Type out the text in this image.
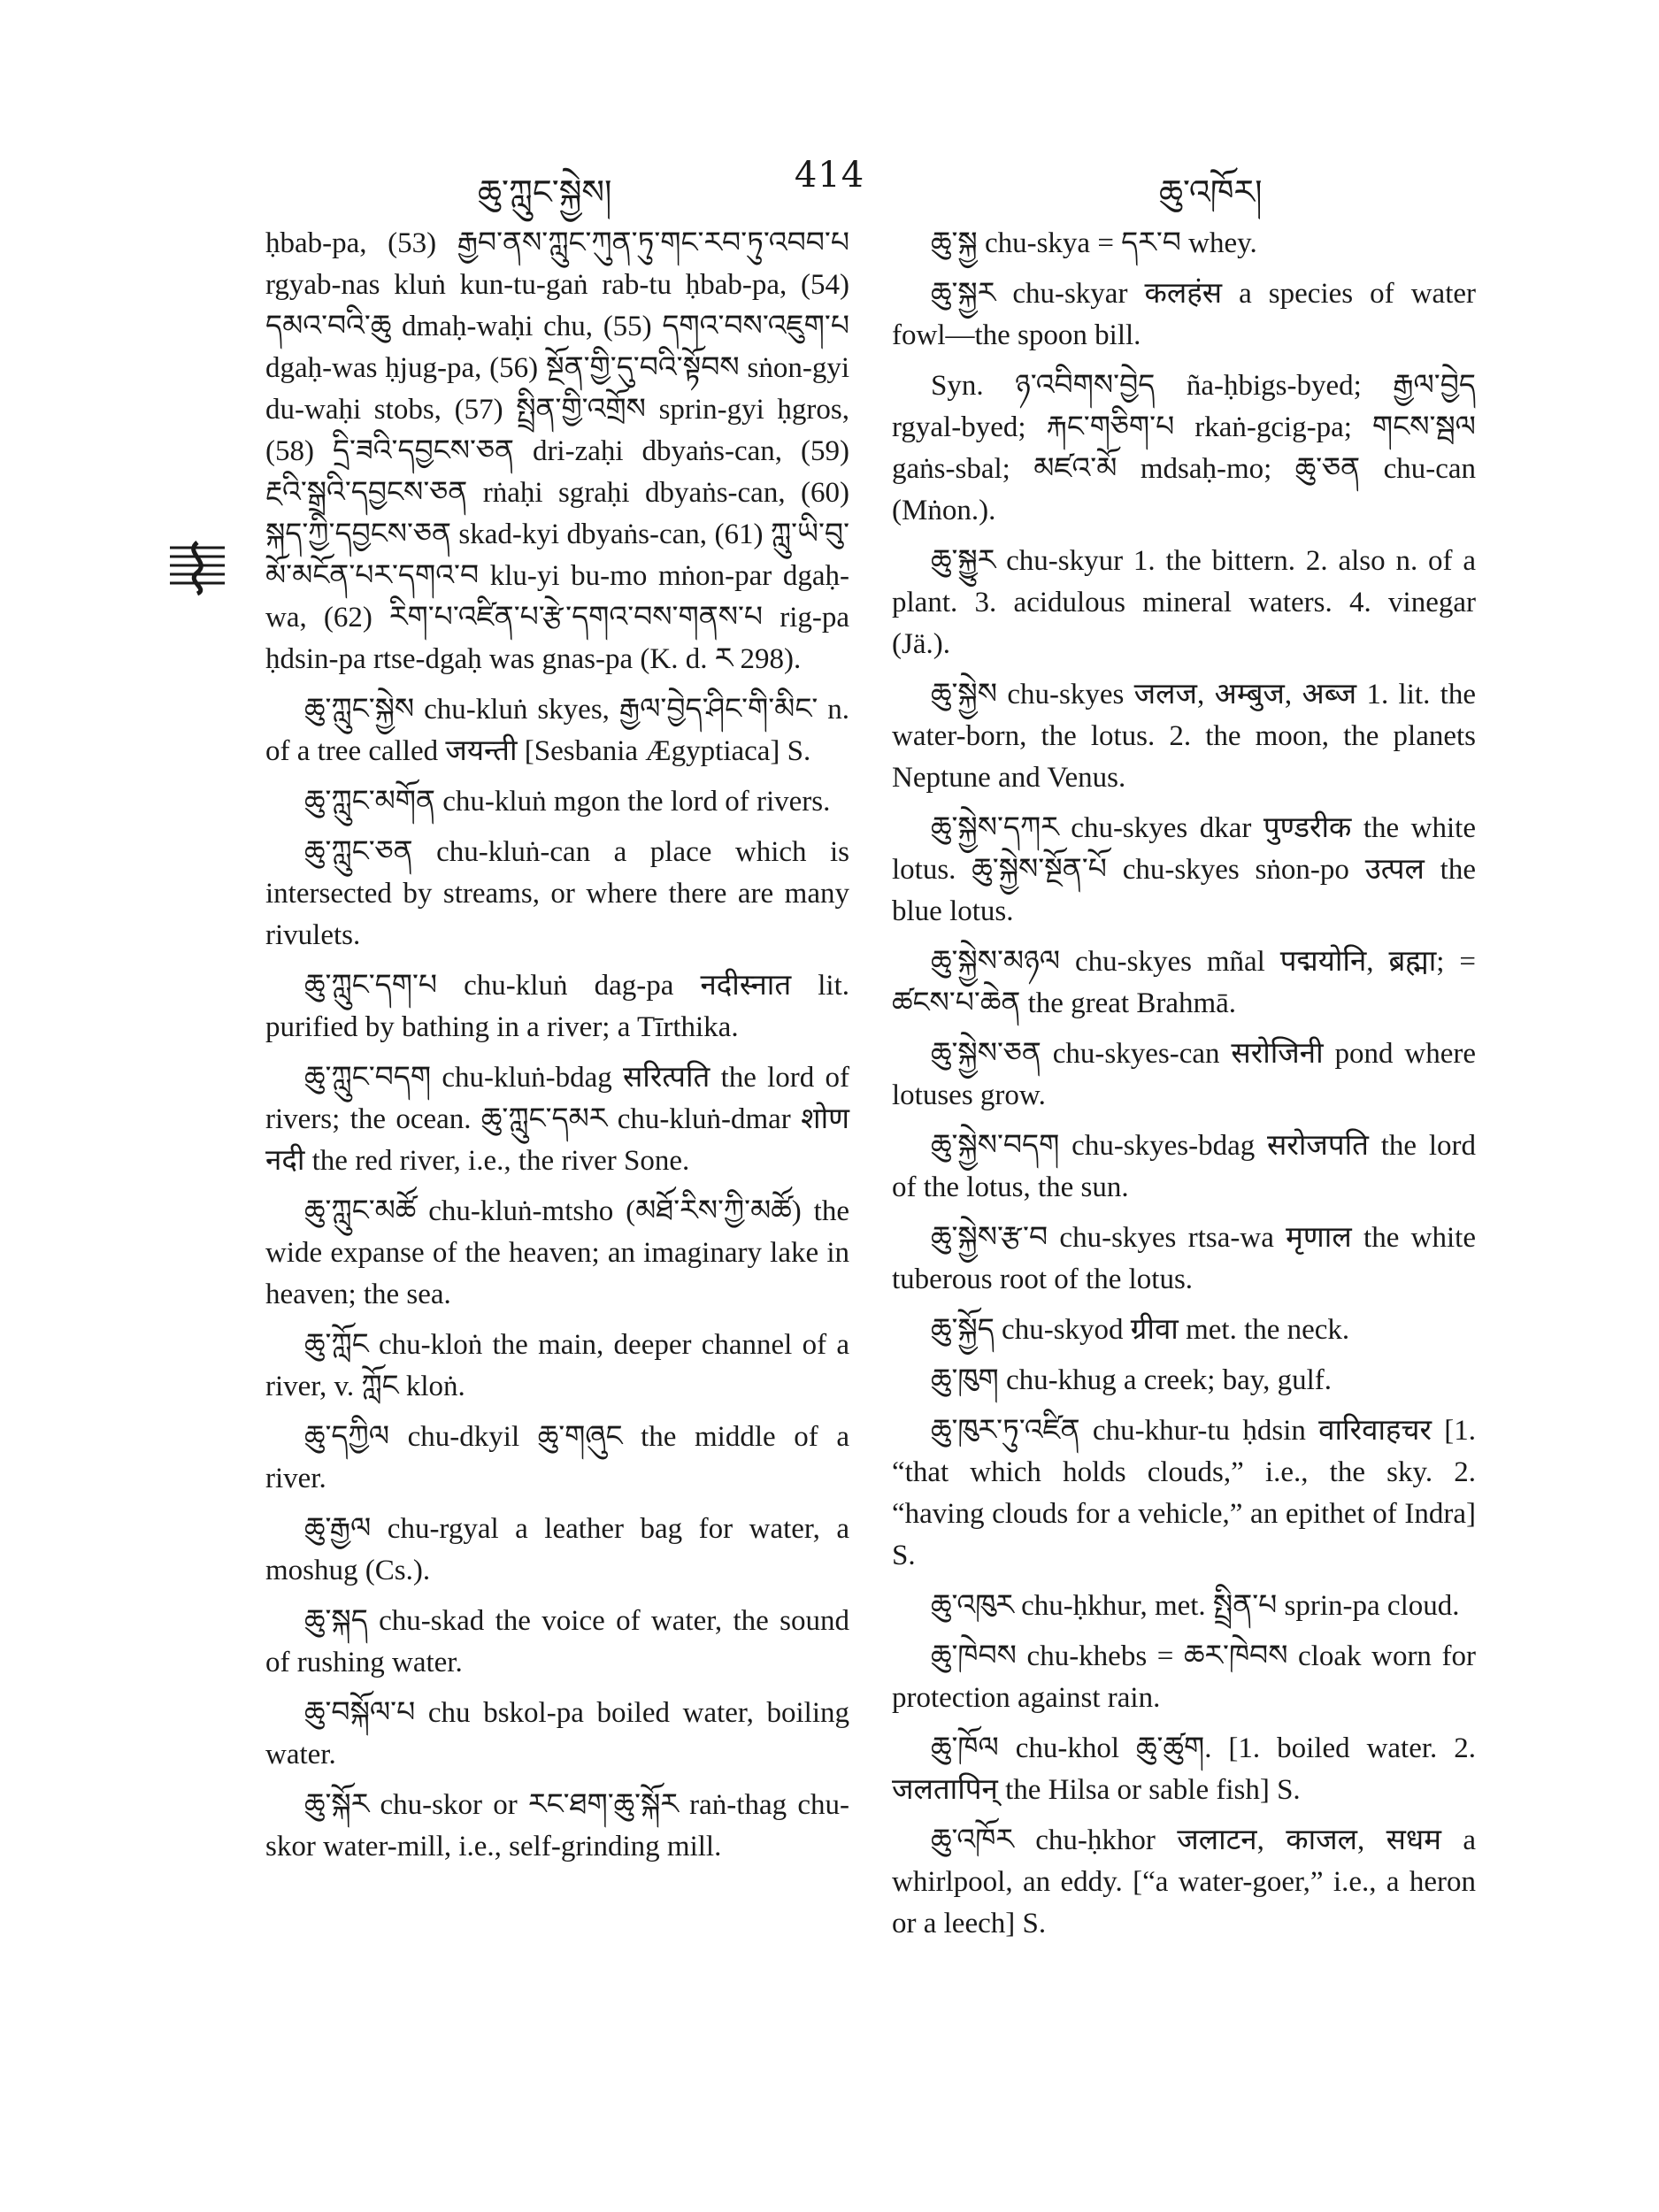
ཆུ་ཀླུང་སྐྱེས།	414	ཆུ་འཁོར།

ḥbab-pa, (53) རྒྱབ་ནས་ཀླུང་ཀུན་ཏུ་གང་རབ་ཏུ་འབབ་པ rgyab-nas kluṅ kun-tu-gaṅ rab-tu ḥbab-pa, (54) དམའ་བའི་ཆུ dmaḥ-waḥi chu, (55) དགའ་བས་འཇུག་པ dgaḥ-was ḥjug-pa, (56) སྔོན་གྱི་དུ་བའི་སྟོབས sṅon-gyi du-waḥi stobs, (57) སྤྲིན་གྱི་འགྲོས sprin-gyi ḥgros, (58) དྲི་ཟའི་དབྱངས་ཅན dri-zaḥi dbyaṅs-can, (59) རྔའི་སྒྲའི་དབྱངས་ཅན rṅaḥi sgraḥi dbyaṅs-can, (60) སྐད་ཀྱི་དབྱངས་ཅན skad-kyi dbyaṅs-can, (61) ཀླུ་ཡི་བུ་མོ་མངོན་པར་དགའ་བ klu-yi bu-mo mṅon-par dgaḥ-wa, (62) རིག་པ་འཛིན་པ་རྩེ་དགའ་བས་གནས་པ rig-pa ḥdsin-pa rtse-dgaḥ was gnas-pa (K. d. ར 298).

ཆུ་ཀླུང་སྐྱེས chu-kluṅ skyes, རྒྱལ་བྱེད་ཤིང་གི་མིང་ n. of a tree called जयन्ती [Sesbania Ægyptiaca] S.

ཆུ་ཀླུང་མགོན chu-kluṅ mgon the lord of rivers.

ཆུ་ཀླུང་ཅན chu-kluṅ-can a place which is intersected by streams, or where there are many rivulets.

ཆུ་ཀླུང་དག་པ chu-kluṅ dag-pa नदीस्नात lit. purified by bathing in a river; a Tīrthika.

ཆུ་ཀླུང་བདག chu-kluṅ-bdag सरित्पति the lord of rivers; the ocean. ཆུ་ཀླུང་དམར chu-kluṅ-dmar शोण नदी the red river, i.e., the river Sone.

ཆུ་ཀླུང་མཚོ chu-kluṅ-mtsho (མཐོ་རིས་ཀྱི་མཚོ) the wide expanse of the heaven; an imaginary lake in heaven; the sea.

ཆུ་ཀློང chu-kloṅ the main, deeper channel of a river, v. ཀློང kloṅ.

ཆུ་དཀྱིལ chu-dkyil ཆུ་གཞུང the middle of a river.

ཆུ་རྒྱལ chu-rgyal a leather bag for water, a moshug (Cs.).

ཆུ་སྐད chu-skad the voice of water, the sound of rushing water.

ཆུ་བསྐོལ་པ chu bskol-pa boiled water, boiling water.

ཆུ་སྐོར chu-skor or རང་ཐག་ཆུ་སྐོར raṅ-thag chu-skor water-mill, i.e., self-grinding mill.

ཆུ་སྐྱ chu-skya = དར་བ whey.

ཆུ་སྐྱར chu-skyar कलहंस a species of water fowl—the spoon bill.

Syn. ཉ་འབིགས་བྱེད ña-ḥbigs-byed; རྒྱལ་བྱེད rgyal-byed; རྐང་གཅིག་པ rkaṅ-gcig-pa; གངས་སྦལ gaṅs-sbal; མཛའ་མོ mdsaḥ-mo; ཆུ་ཅན chu-can (Mṅon.).

ཆུ་སྐྱུར chu-skyur 1. the bittern. 2. also n. of a plant. 3. acidulous mineral waters. 4. vinegar (Jä.).

ཆུ་སྐྱེས chu-skyes जलज, अम्बुज, अब्ज 1. lit. the water-born, the lotus. 2. the moon, the planets Neptune and Venus.

ཆུ་སྐྱེས་དཀར chu-skyes dkar पुण्डरीक the white lotus. ཆུ་སྐྱེས་སྔོན་པོ chu-skyes sṅon-po उत्पल the blue lotus.

ཆུ་སྐྱེས་མཉལ chu-skyes mñal पद्मयोनि, ब्रह्मा; = ཚངས་པ་ཆེན the great Brahmā.

ཆུ་སྐྱེས་ཅན chu-skyes-can सरोजिनी pond where lotuses grow.

ཆུ་སྐྱེས་བདག chu-skyes-bdag सरोजपति the lord of the lotus, the sun.

ཆུ་སྐྱེས་རྩ་བ chu-skyes rtsa-wa मृणाल the white tuberous root of the lotus.

ཆུ་སྐྱོད chu-skyod ग्रीवा met. the neck.

ཆུ་ཁུག chu-khug a creek; bay, gulf.

ཆུ་ཁུར་ཏུ་འཛིན chu-khur-tu ḥdsin वारिवाहचर [1. “that which holds clouds,” i.e., the sky. 2. “having clouds for a vehicle,” an epithet of Indra] S.

ཆུ་འཁུར chu-ḥkhur, met. སྤྲིན་པ sprin-pa cloud.

ཆུ་ཁེབས chu-khebs = ཆར་ཁེབས cloak worn for protection against rain.

ཆུ་ཁོལ chu-khol ཆུ་ཚུག. [1. boiled water. 2. जलतापिन् the Hilsa or sable fish] S.

ཆུ་འཁོར chu-ḥkhor जलाटन, काजल, सधम a whirlpool, an eddy. [“a water-goer,” i.e., a heron or a leech] S.
